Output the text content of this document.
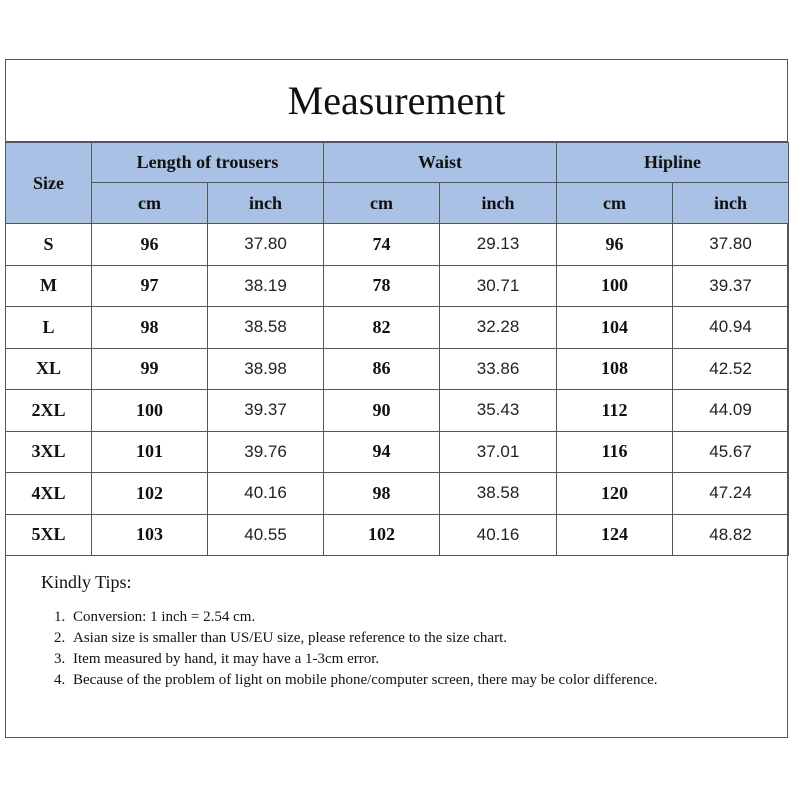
Measurement
Size	Length of trousers		Waist		Hipline	
	cm	inch	cm	inch	cm	inch
S	96	37.80	74	29.13	96	37.80
M	97	38.19	78	30.71	100	39.37
L	98	38.58	82	32.28	104	40.94
XL	99	38.98	86	33.86	108	42.52
2XL	100	39.37	90	35.43	112	44.09
3XL	101	39.76	94	37.01	116	45.67
4XL	102	40.16	98	38.58	120	47.24
5XL	103	40.55	102	40.16	124	48.82
Kindly Tips:
1. Conversion: 1 inch = 2.54 cm.
2. Asian size is smaller than US/EU size, please reference to the size chart.
3. Item measured by hand, it may have a 1-3cm error.
4. Because of the problem of light on mobile phone/computer screen, there may be color difference.
